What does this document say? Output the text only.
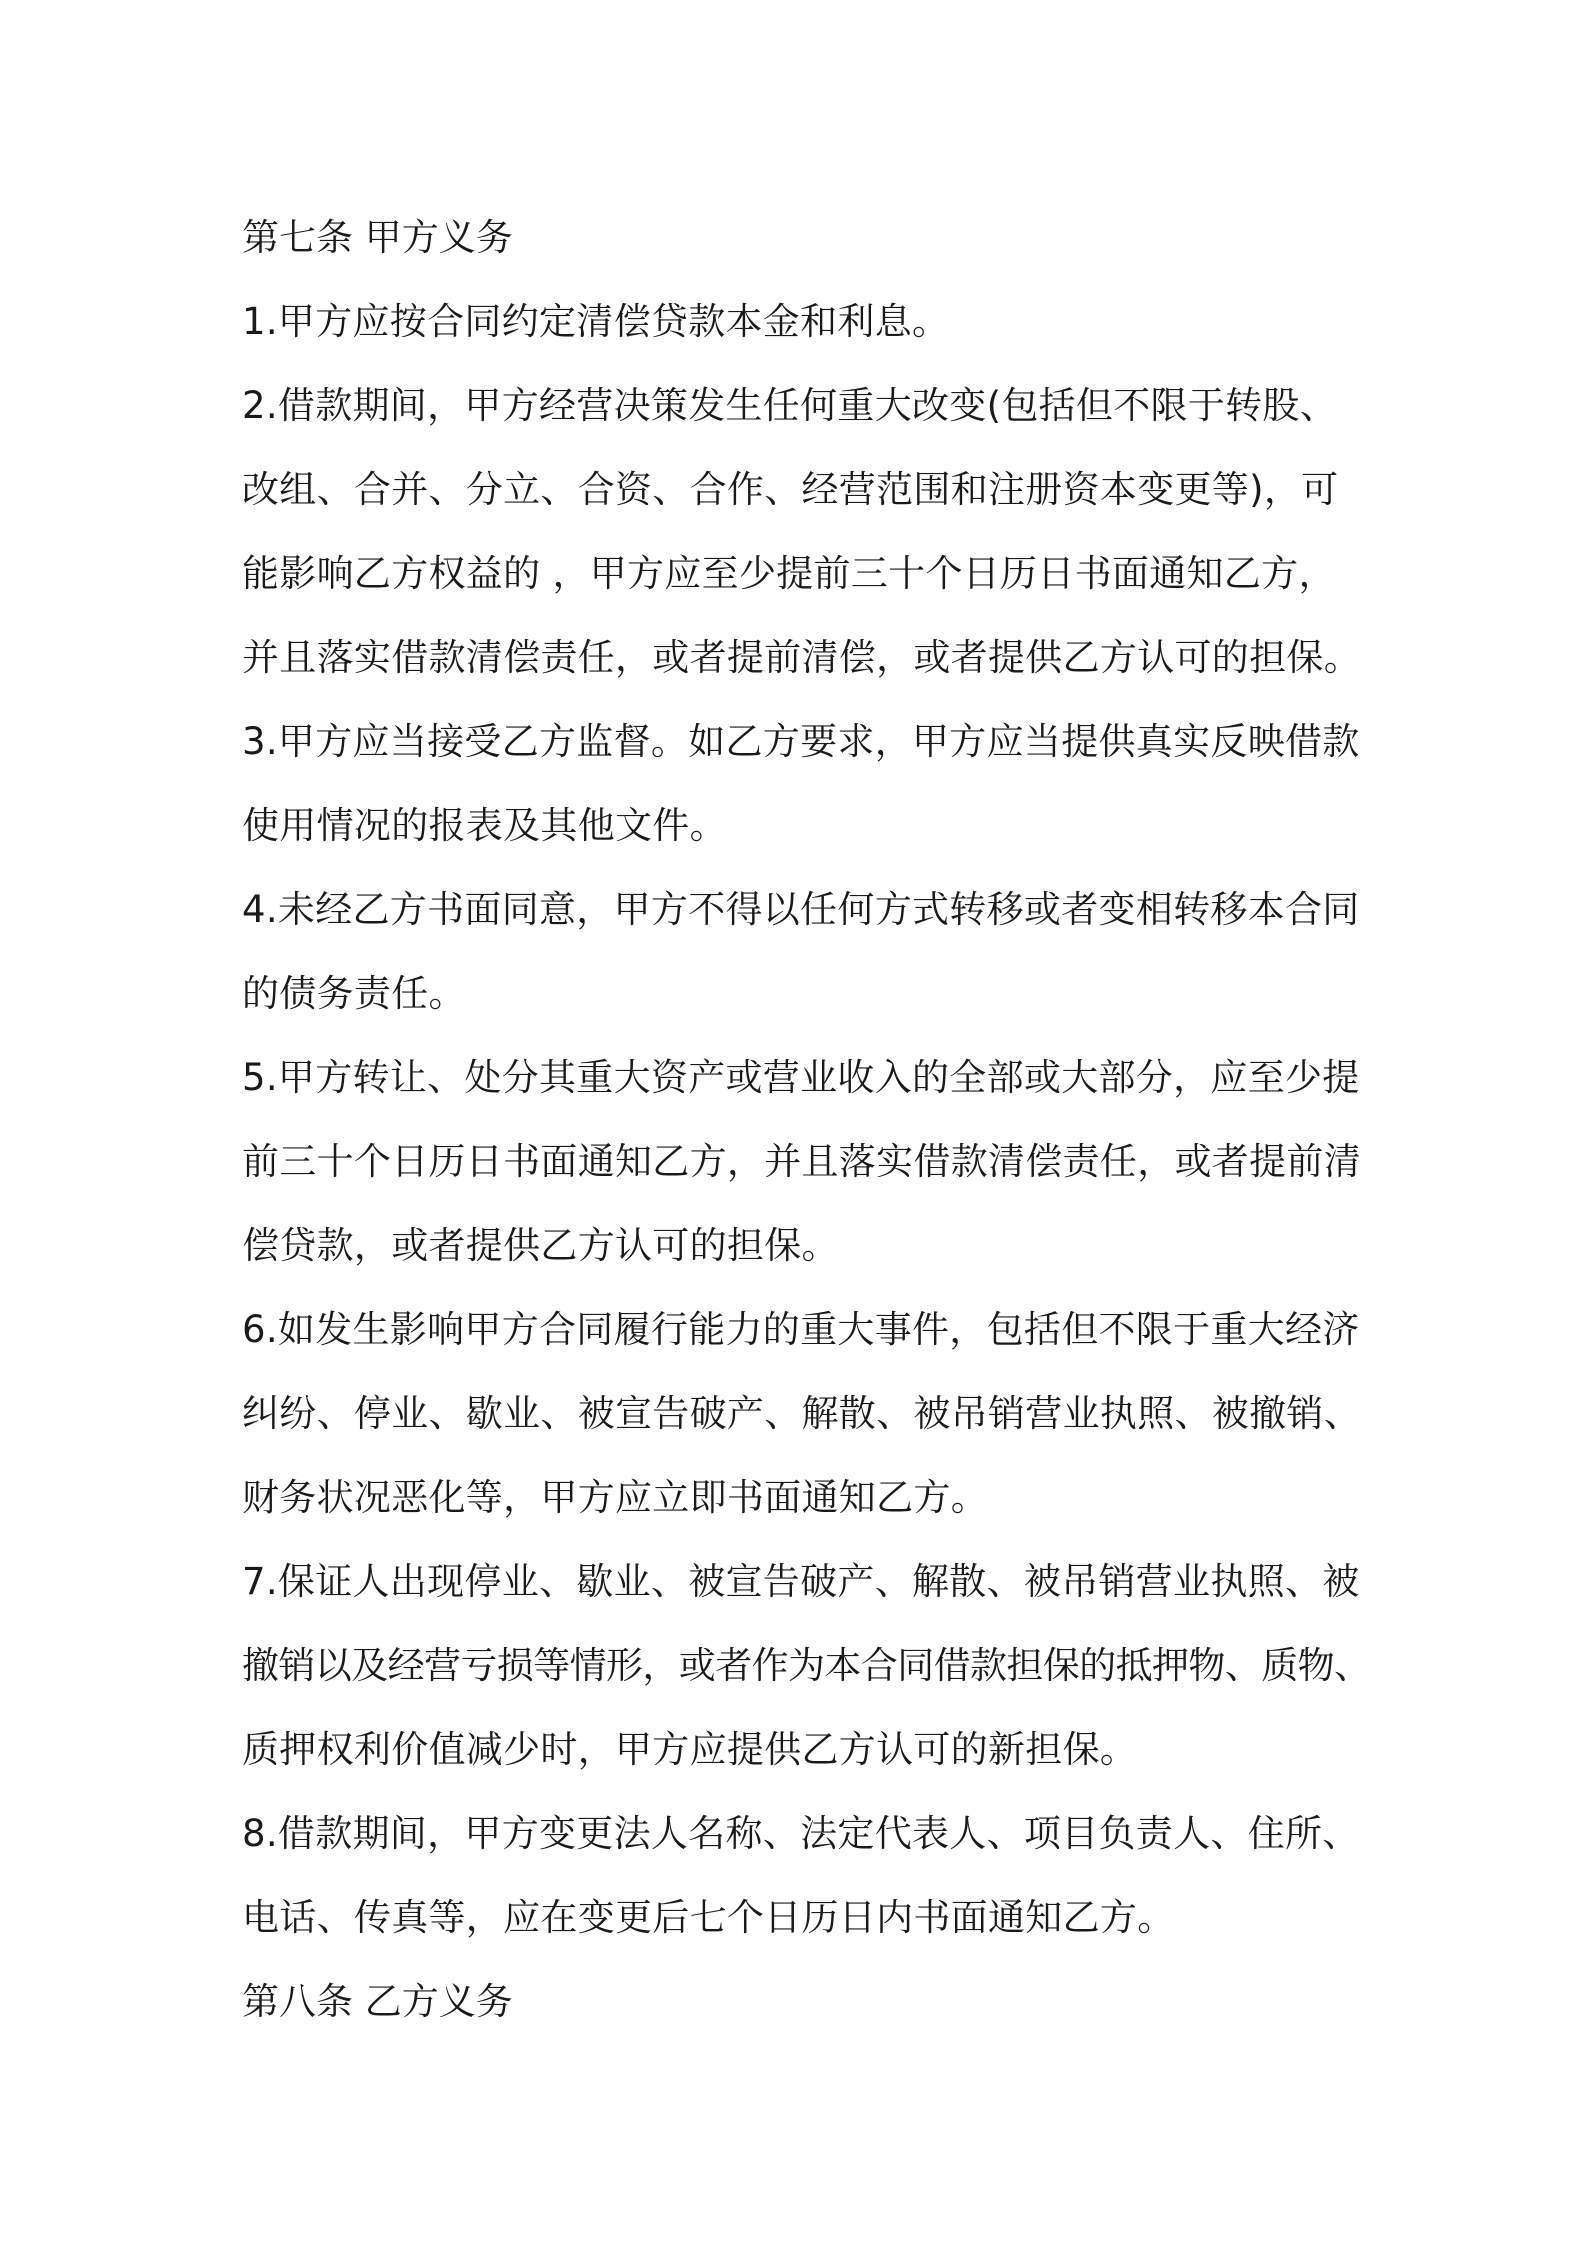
第七条 甲方义务

1.甲方应按合同约定清偿贷款本金和利息。

2.借款期间，甲方经营决策发生任何重大改变(包括但不限于转股、

改组、合并、分立、合资、合作、经营范围和注册资本变更等)，可

能影响乙方权益的 ，甲方应至少提前三十个日历日书面通知乙方，

并且落实借款清偿责任，或者提前清偿，或者提供乙方认可的担保。

3.甲方应当接受乙方监督。如乙方要求，甲方应当提供真实反映借款

使用情况的报表及其他文件。

4.未经乙方书面同意，甲方不得以任何方式转移或者变相转移本合同

的债务责任。

5.甲方转让、处分其重大资产或营业收入的全部或大部分，应至少提

前三十个日历日书面通知乙方，并且落实借款清偿责任，或者提前清

偿贷款，或者提供乙方认可的担保。

6.如发生影响甲方合同履行能力的重大事件，包括但不限于重大经济

纠纷、停业、歇业、被宣告破产、解散、被吊销营业执照、被撤销、

财务状况恶化等，甲方应立即书面通知乙方。

7.保证人出现停业、歇业、被宣告破产、解散、被吊销营业执照、被

撤销以及经营亏损等情形，或者作为本合同借款担保的抵押物、质物、

质押权利价值减少时，甲方应提供乙方认可的新担保。

8.借款期间，甲方变更法人名称、法定代表人、项目负责人、住所、

电话、传真等，应在变更后七个日历日内书面通知乙方。

第八条 乙方义务
